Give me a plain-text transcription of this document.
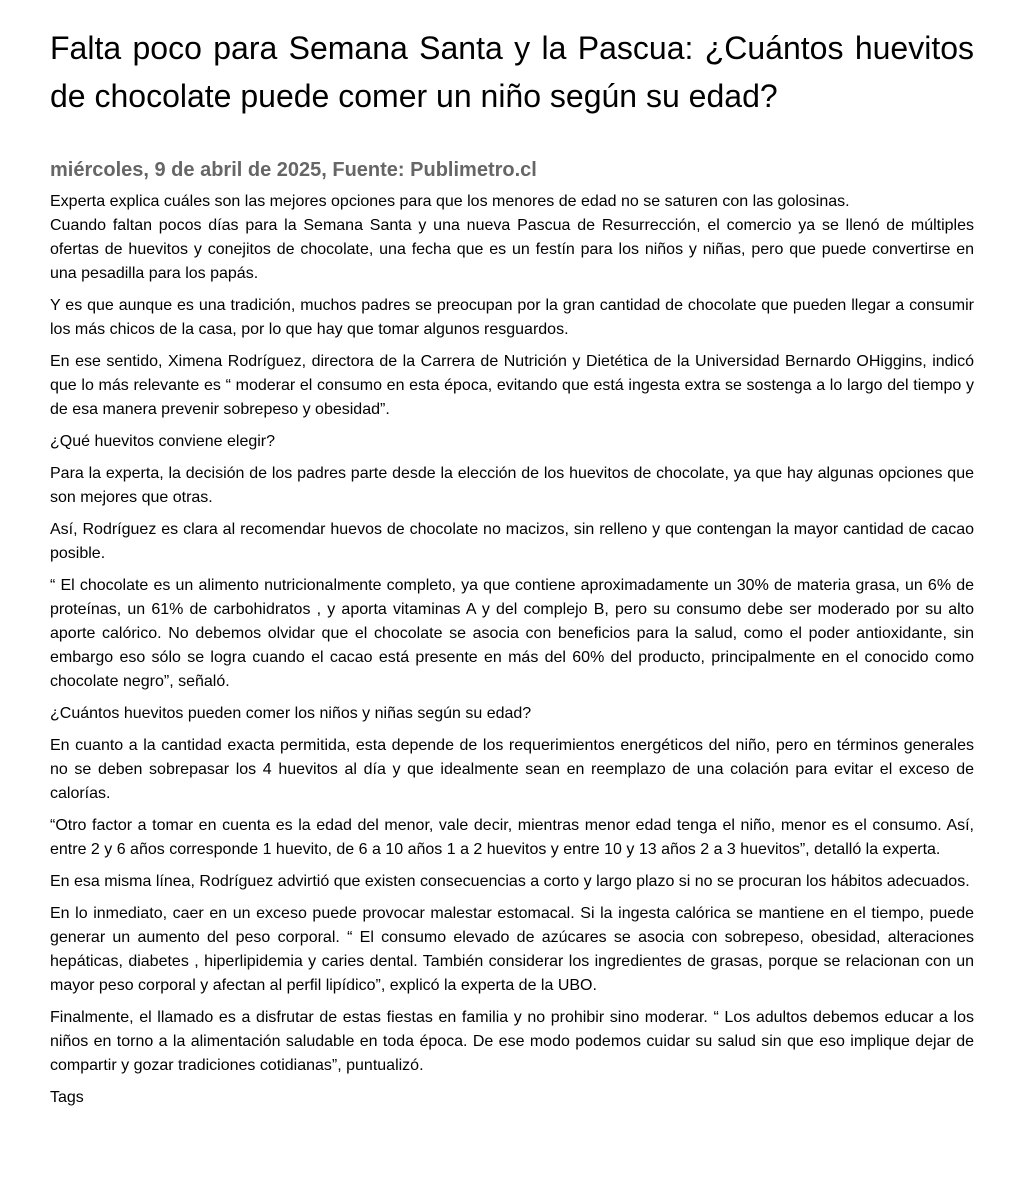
Falta poco para Semana Santa y la Pascua: ¿Cuántos huevitos de chocolate puede comer un niño según su edad?
miércoles, 9 de abril de 2025, Fuente: Publimetro.cl

Experta explica cuáles son las mejores opciones para que los menores de edad no se saturen con las golosinas.

Cuando faltan pocos días para la Semana Santa y una nueva Pascua de Resurrección, el comercio ya se llenó de múltiples ofertas de huevitos y conejitos de chocolate, una fecha que es un festín para los niños y niñas, pero que puede convertirse en una pesadilla para los papás.

Y es que aunque es una tradición, muchos padres se preocupan por la gran cantidad de chocolate que pueden llegar a consumir los más chicos de la casa, por lo que hay que tomar algunos resguardos.

En ese sentido, Ximena Rodríguez, directora de la Carrera de Nutrición y Dietética de la Universidad Bernardo OHiggins, indicó que lo más relevante es “ moderar el consumo en esta época, evitando que está ingesta extra se sostenga a lo largo del tiempo y de esa manera prevenir sobrepeso y obesidad”.

¿Qué huevitos conviene elegir?

Para la experta, la decisión de los padres parte desde la elección de los huevitos de chocolate, ya que hay algunas opciones que son mejores que otras.

Así, Rodríguez es clara al recomendar huevos de chocolate no macizos, sin relleno y que contengan la mayor cantidad de cacao posible.

“ El chocolate es un alimento nutricionalmente completo, ya que contiene aproximadamente un 30% de materia grasa, un 6% de proteínas, un 61% de carbohidratos , y aporta vitaminas A y del complejo B, pero su consumo debe ser moderado por su alto aporte calórico. No debemos olvidar que el chocolate se asocia con beneficios para la salud, como el poder antioxidante, sin embargo eso sólo se logra cuando el cacao está presente en más del 60% del producto, principalmente en el conocido como chocolate negro”, señaló.

¿Cuántos huevitos pueden comer los niños y niñas según su edad?

En cuanto a la cantidad exacta permitida, esta depende de los requerimientos energéticos del niño, pero en términos generales no se deben sobrepasar los 4 huevitos al día y que idealmente sean en reemplazo de una colación para evitar el exceso de calorías.

“Otro factor a tomar en cuenta es la edad del menor, vale decir, mientras menor edad tenga el niño, menor es el consumo. Así, entre 2 y 6 años corresponde 1 huevito, de 6 a 10 años 1 a 2 huevitos y entre 10 y 13 años 2 a 3 huevitos”, detalló la experta.

En esa misma línea, Rodríguez advirtió que existen consecuencias a corto y largo plazo si no se procuran los hábitos adecuados.

En lo inmediato, caer en un exceso puede provocar malestar estomacal. Si la ingesta calórica se mantiene en el tiempo, puede generar un aumento del peso corporal. “ El consumo elevado de azúcares se asocia con sobrepeso, obesidad, alteraciones hepáticas, diabetes , hiperlipidemia y caries dental. También considerar los ingredientes de grasas, porque se relacionan con un mayor peso corporal y afectan al perfil lipídico”, explicó la experta de la UBO.

Finalmente, el llamado es a disfrutar de estas fiestas en familia y no prohibir sino moderar. “ Los adultos debemos educar a los niños en torno a la alimentación saludable en toda época. De ese modo podemos cuidar su salud sin que eso implique dejar de compartir y gozar tradiciones cotidianas”, puntualizó.

Tags
